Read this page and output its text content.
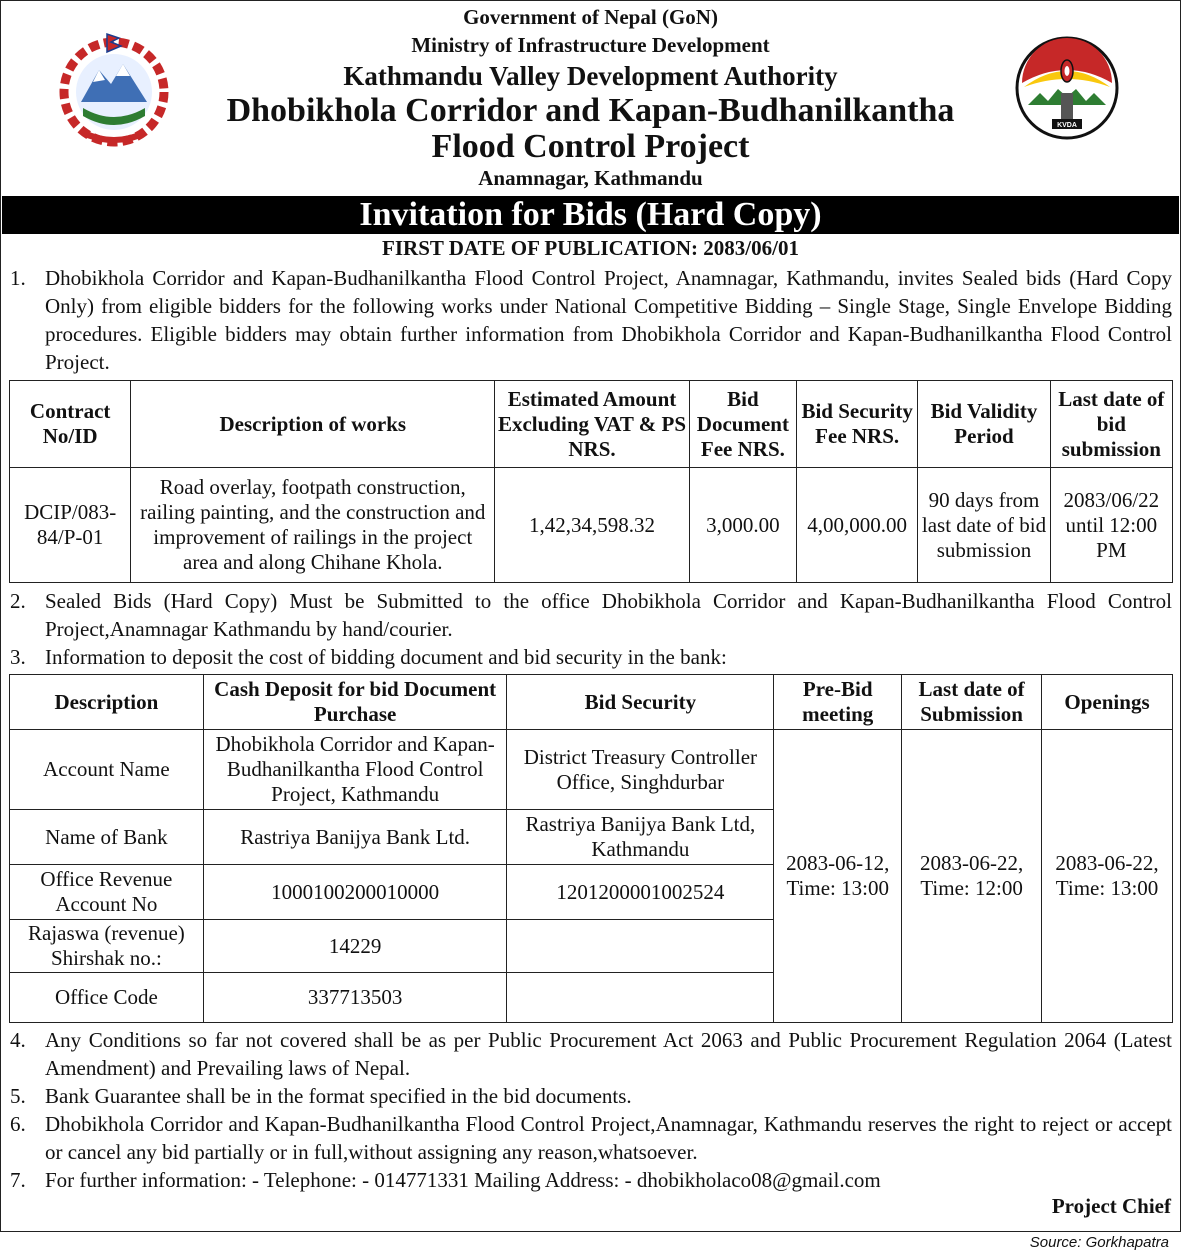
KVDA
Government of Nepal (GoN)
Ministry of Infrastructure Development
Kathmandu Valley Development Authority
Dhobikhola Corridor and Kapan-Budhanilkantha
Flood Control Project
Anamnagar, Kathmandu
Invitation for Bids (Hard Copy)
FIRST DATE OF PUBLICATION: 2083/06/01
1. Dhobikhola Corridor and Kapan-Budhanilkantha Flood Control Project, Anamnagar, Kathmandu, invites Sealed bids (Hard Copy Only) from eligible bidders for the following works under National Competitive Bidding – Single Stage, Single Envelope Bidding procedures. Eligible bidders may obtain further information from Dhobikhola Corridor and Kapan-Budhanilkantha Flood Control Project.
Contract No/ID	Description of works	Estimated Amount Excluding VAT & PS NRS.	Bid Document Fee NRS.	Bid Security Fee NRS.	Bid Validity Period	Last date of bid submission
DCIP/083-84/P-01	Road overlay, footpath construction, railing painting, and the construction and improvement of railings in the project area and along Chihane Khola.	1,42,34,598.32	3,000.00	4,00,000.00	90 days from last date of bid submission	2083/06/22 until 12:00 PM
2. Sealed Bids (Hard Copy) Must be Submitted to the office Dhobikhola Corridor and Kapan-Budhanilkantha Flood Control Project,Anamnagar Kathmandu by hand/courier.
3. Information to deposit the cost of bidding document and bid security in the bank:
Description	Cash Deposit for bid Document Purchase	Bid Security	Pre-Bid meeting	Last date of Submission	Openings
Account Name	Dhobikhola Corridor and Kapan-Budhanilkantha Flood Control Project, Kathmandu	District Treasury Controller Office, Singhdurbar	2083-06-12, Time: 13:00	2083-06-22, Time: 12:00	2083-06-22, Time: 13:00
Name of Bank	Rastriya Banijya Bank Ltd.	Rastriya Banijya Bank Ltd, Kathmandu			
Office Revenue Account No	1000100200010000	1201200001002524			
Rajaswa (revenue) Shirshak no.:	14229				
Office Code	337713503				
4. Any Conditions so far not covered shall be as per Public Procurement Act 2063 and Public Procurement Regulation 2064 (Latest Amendment) and Prevailing laws of Nepal.
5. Bank Guarantee shall be in the format specified in the bid documents.
6. Dhobikhola Corridor and Kapan-Budhanilkantha Flood Control Project,Anamnagar, Kathmandu reserves the right to reject or accept or cancel any bid partially or in full,without assigning any reason,whatsoever.
7. For further information: - Telephone: - 014771331 Mailing Address: - dhobikholaco08@gmail.com
Project Chief
Source: Gorkhapatra
